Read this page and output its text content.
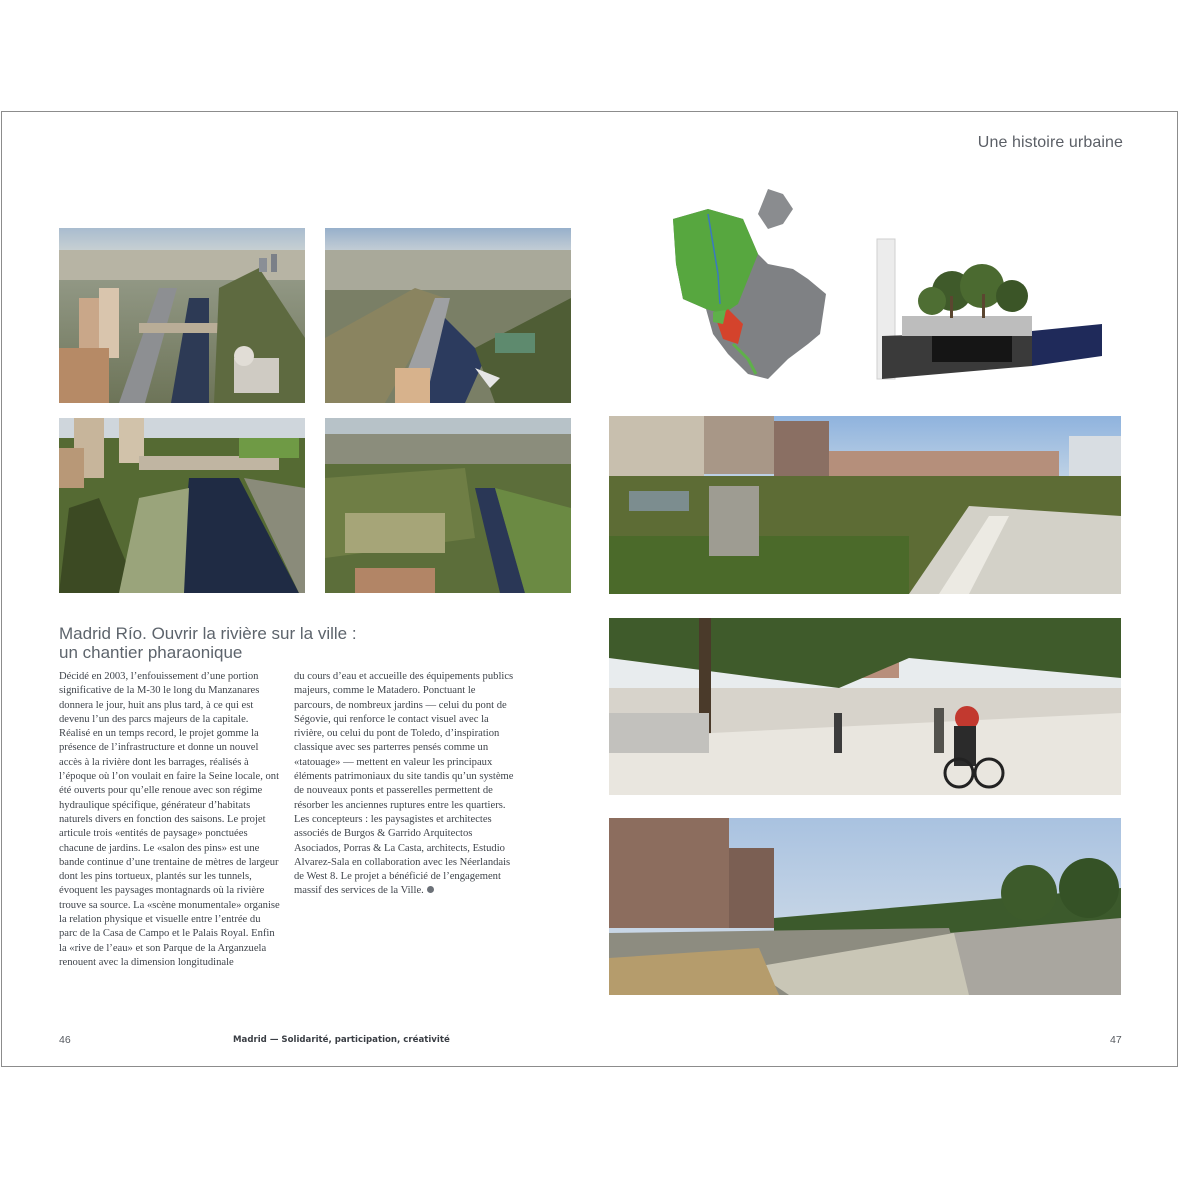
Une histoire urbaine
Madrid Río. Ouvrir la rivière sur la ville :
un chantier pharaonique

Décidé en 2003, l’enfouissement d’une portion significative de la M-30 le long du Manzanares donnera le jour, huit ans plus tard, à ce qui est devenu l’un des parcs majeurs de la capitale. Réalisé en un temps record, le projet gomme la présence de l’infrastructure et donne un nouvel accès à la rivière dont les barrages, réalisés à l’époque où l’on voulait en faire la Seine locale, ont été ouverts pour qu’elle renoue avec son régime hydraulique spécifique, générateur d’habitats naturels divers en fonction des saisons. Le projet articule trois «entités de paysage» ponctuées chacune de jardins. Le «salon des pins» est une bande continue d’une trentaine de mètres de largeur dont les pins tortueux, plantés sur les tunnels, évoquent les paysages montagnards où la rivière trouve sa source. La «scène monumentale» organise la relation physique et visuelle entre l’entrée du parc de la Casa de Campo et le Palais Royal. Enfin la «rive de l’eau» et son Parque de la Arganzuela renouent avec la dimension longitudinale

du cours d’eau et accueille des équipements publics majeurs, comme le Matadero. Ponctuant le parcours, de nombreux jardins — celui du pont de Ségovie, qui renforce le contact visuel avec la rivière, ou celui du pont de Toledo, d’inspiration classique avec ses parterres pensés comme un «tatouage» — mettent en valeur les principaux éléments patrimoniaux du site tandis qu’un système de nouveaux ponts et passerelles permettent de résorber les anciennes ruptures entre les quartiers.

Les concepteurs : les paysagistes et architectes associés de Burgos & Garrido Arquitectos Asociados, Porras & La Casta, architects, Estudio Alvarez-Sala en collaboration avec les Néerlandais de West 8. Le projet a bénéficié de l’engagement massif des services de la Ville.

46	Madrid — Solidarité, participation, créativité	47
